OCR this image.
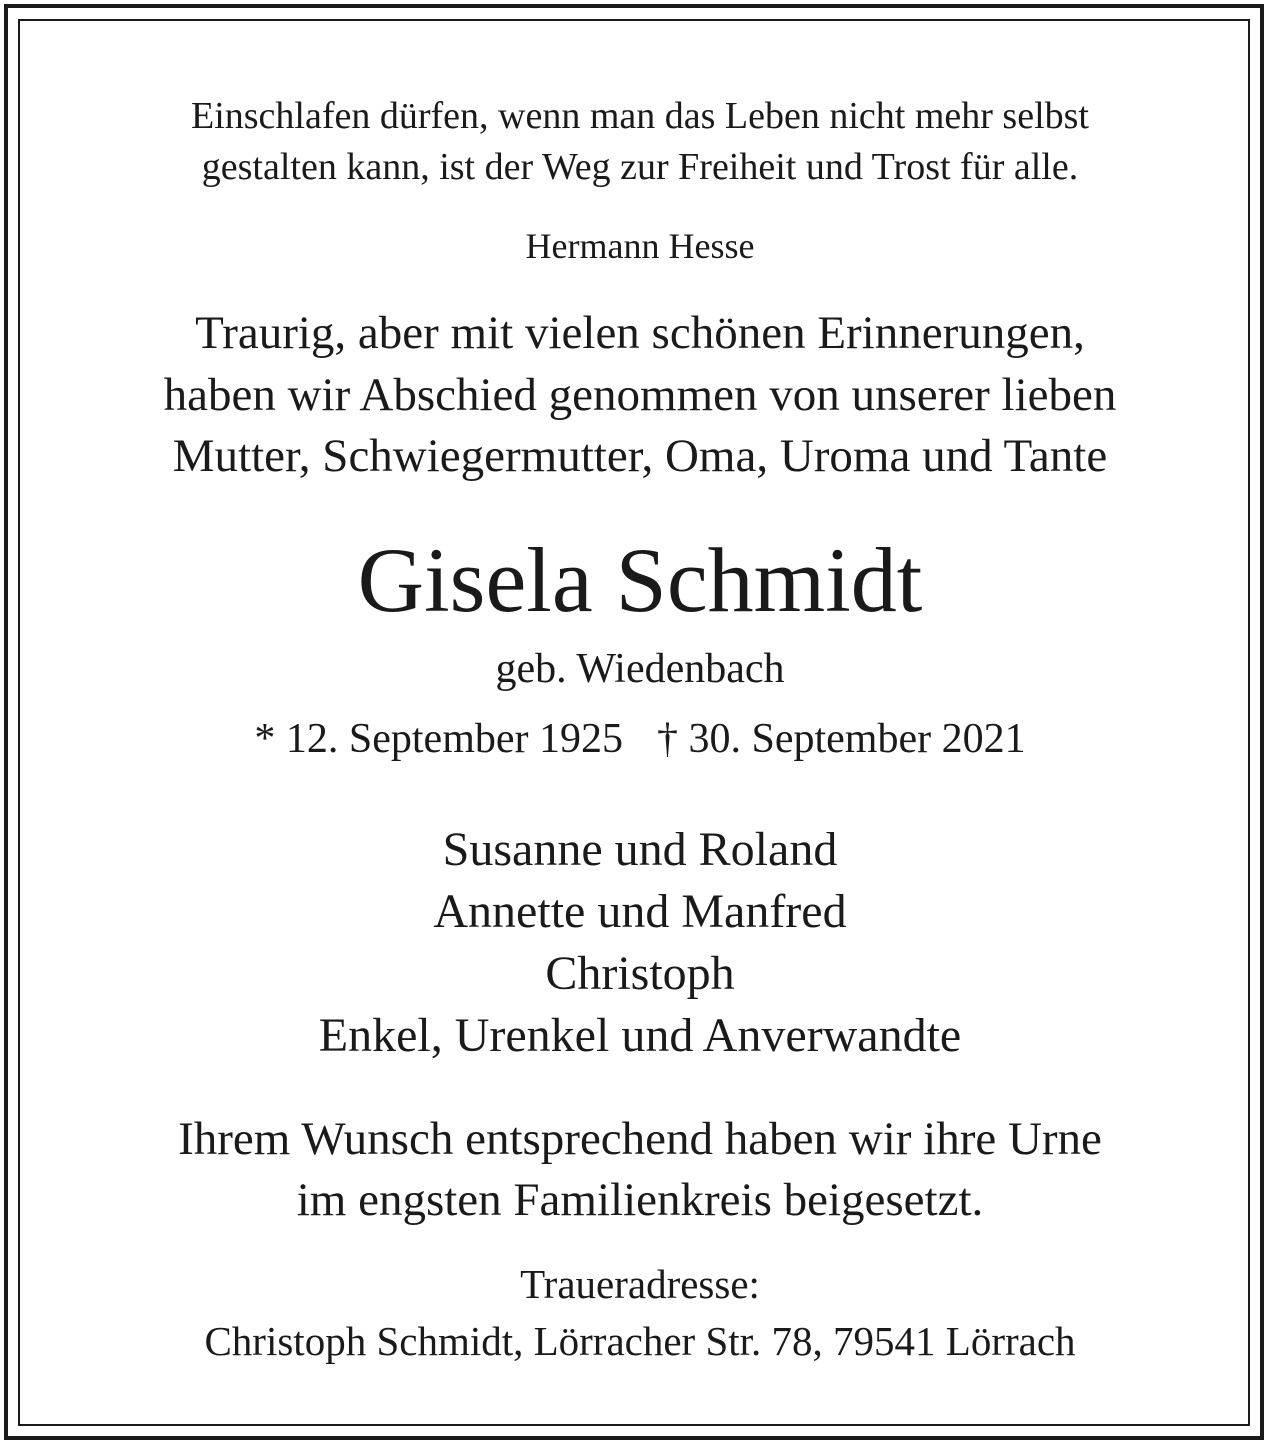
Einschlafen dürfen, wenn man das Leben nicht mehr selbst

gestalten kann, ist der Weg zur Freiheit und Trost für alle.

Hermann Hesse

Traurig, aber mit vielen schönen Erinnerungen,

haben wir Abschied genommen von unserer lieben

Mutter, Schwiegermutter, Oma, Uroma und Tante

Gisela Schmidt

geb. Wiedenbach

* 12. September 1925 † 30. September 2021

Susanne und Roland

Annette und Manfred

Christoph

Enkel, Urenkel und Anverwandte

Ihrem Wunsch entsprechend haben wir ihre Urne

im engsten Familienkreis beigesetzt.

Traueradresse:

Christoph Schmidt, Lörracher Str. 78, 79541 Lörrach
